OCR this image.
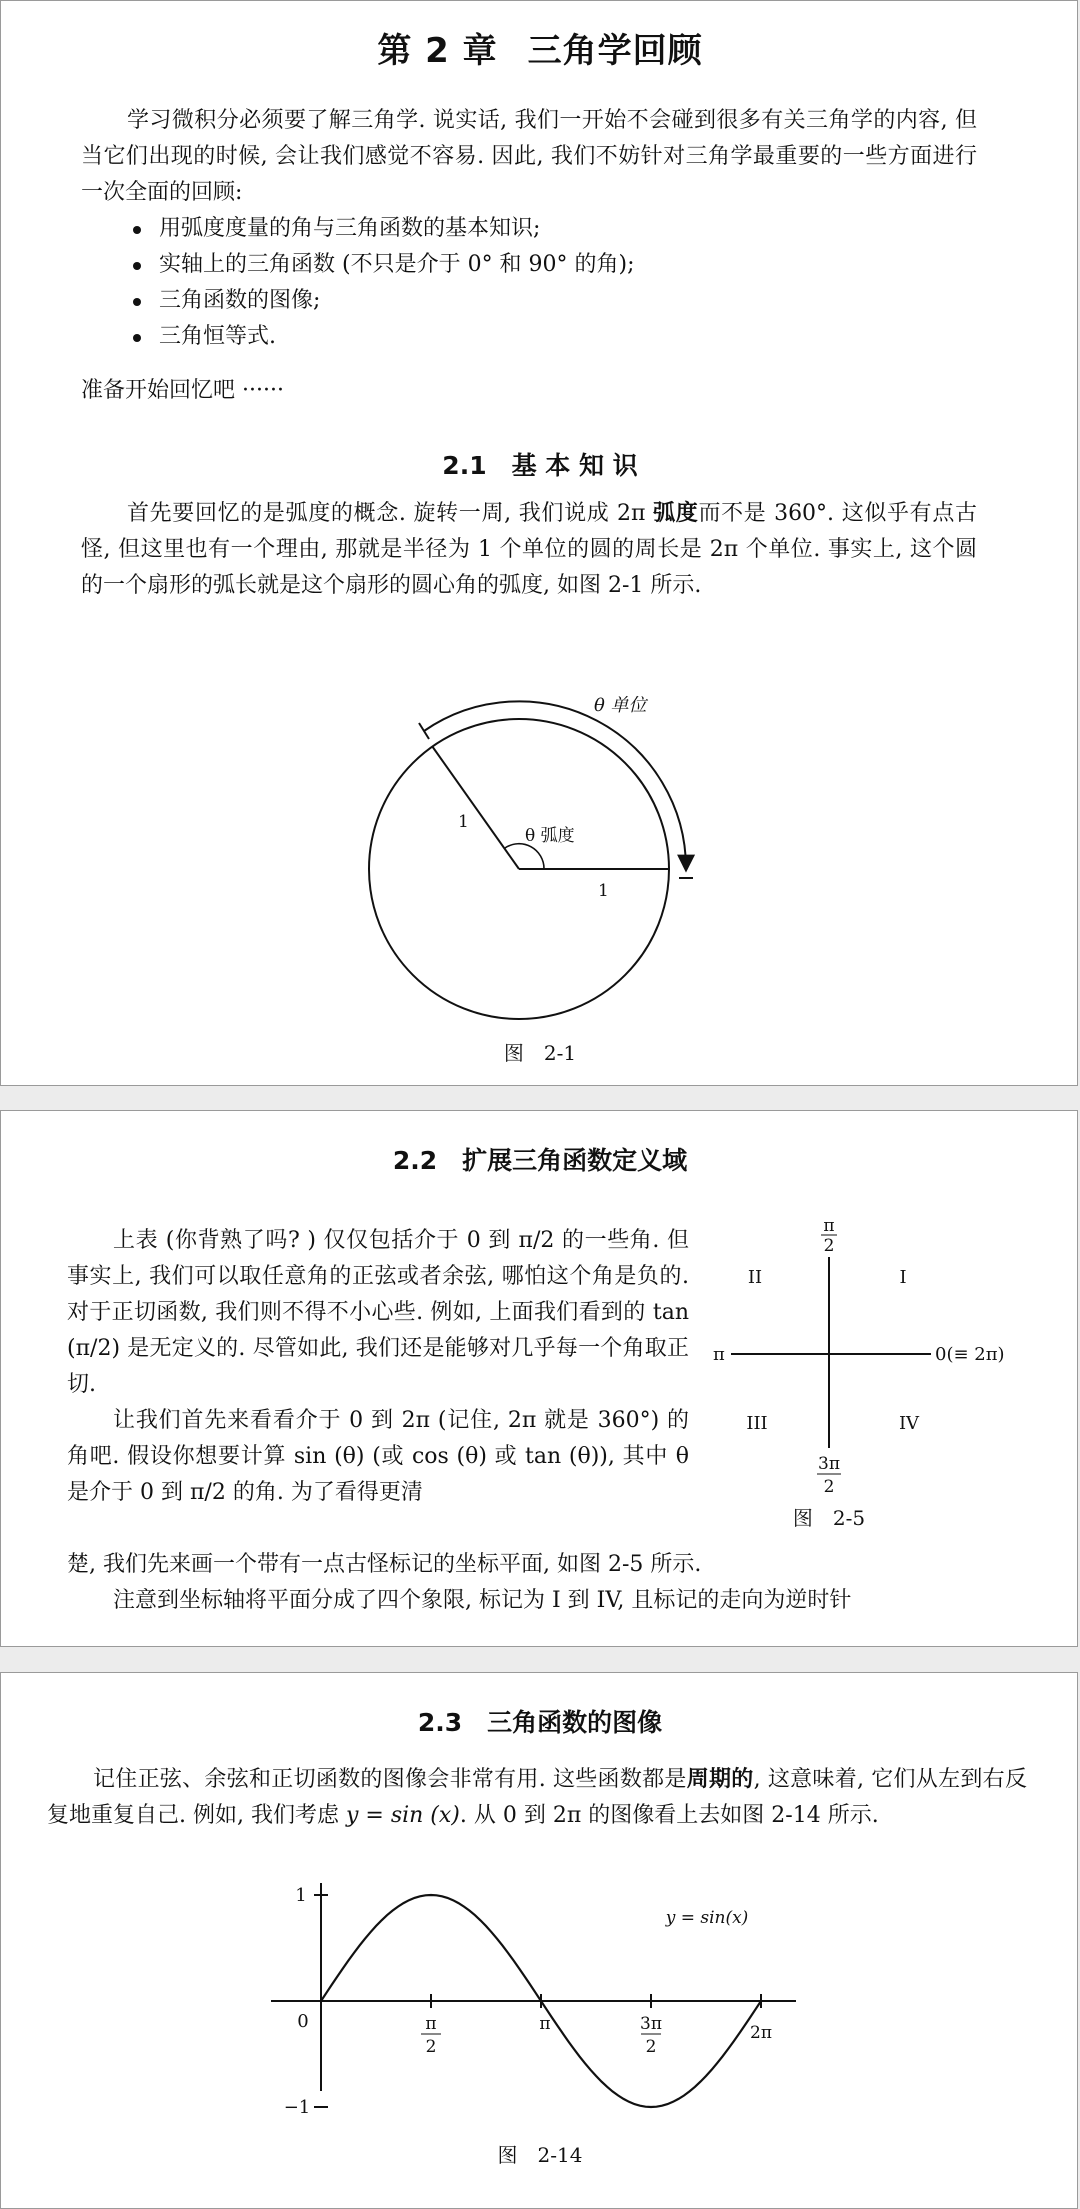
第 2 章 三角学回顾

学习微积分必须要了解三角学. 说实话, 我们一开始不会碰到很多有关三角学的内容, 但当它们出现的时候, 会让我们感觉不容易. 因此, 我们不妨针对三角学最重要的一些方面进行一次全面的回顾:

用弧度度量的角与三角函数的基本知识;
实轴上的三角函数 (不只是介于 0° 和 90° 的角);
三角函数的图像;
三角恒等式.

准备开始回忆吧 ······

2.1　基 本 知 识

首先要回忆的是弧度的概念. 旋转一周, 我们说成 2π 弧度而不是 360°. 这似乎有点古怪, 但这里也有一个理由, 那就是半径为 1 个单位的圆的周长是 2π 个单位. 事实上, 这个圆的一个扇形的弧长就是这个扇形的圆心角的弧度, 如图 2-1 所示.

θ 单位
θ 弧度
1
1

图　2-1

2.2　扩展三角函数定义域

上表 (你背熟了吗? ) 仅仅包括介于 0 到 π/2 的一些角. 但事实上, 我们可以取任意角的正弦或者余弦, 哪怕这个角是负的. 对于正切函数, 我们则不得不小心些. 例如, 上面我们看到的 tan (π/2) 是无定义的. 尽管如此, 我们还是能够对几乎每一个角取正切.

让我们首先来看看介于 0 到 2π (记住, 2π 就是 360°) 的角吧. 假设你想要计算 sin (θ) (或 cos (θ) 或 tan (θ)), 其中 θ 是介于 0 到 π/2 的角. 为了看得更清

楚, 我们先来画一个带有一点古怪标记的坐标平面, 如图 2-5 所示.

注意到坐标轴将平面分成了四个象限, 标记为 I 到 IV, 且标记的走向为逆时针

π
2
π	0(≡ 2π)
3π
2
I
II
III	IV
图　2-5
2.3　三角函数的图像

记住正弦、余弦和正切函数的图像会非常有用. 这些函数都是周期的, 这意味着, 它们从左到右反复地重复自己. 例如, 我们考虑 y = sin (x). 从 0 到 2π 的图像看上去如图 2-14 所示.

1
0
−1
π
2
π	3π
2
2π
y = sin(x)

图　2-14
